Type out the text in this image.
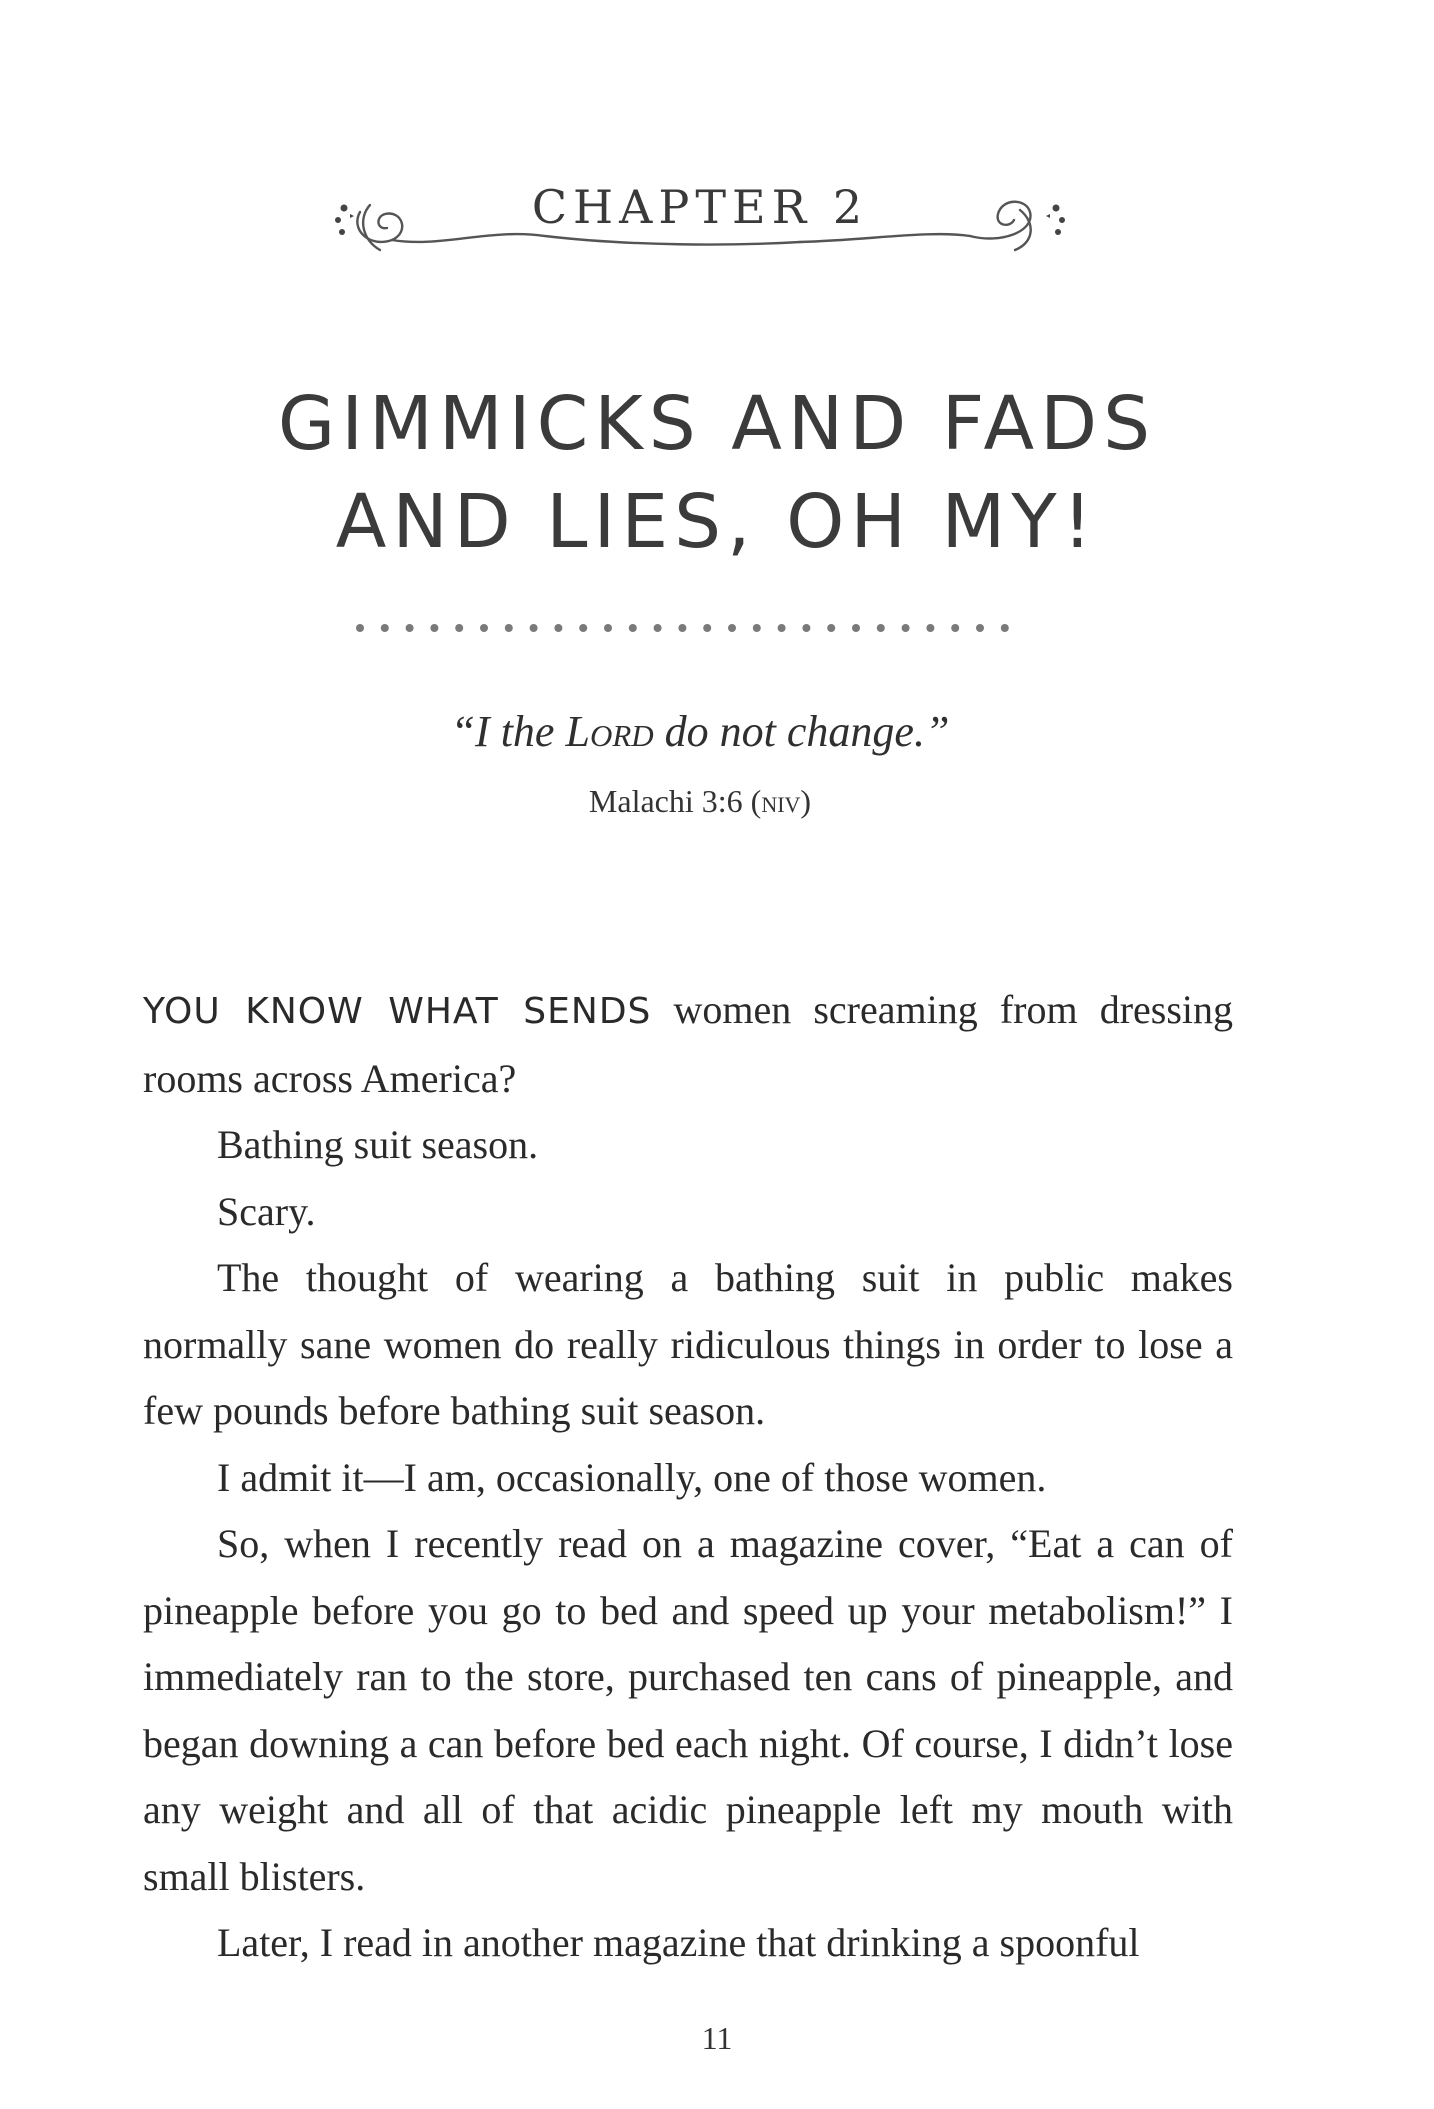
CHAPTER 2
GIMMICKS AND FADS
AND LIES, OH MY!
“I the Lord do not change.”
Malachi 3:6 (niv)

YOU KNOW WHAT SENDS women screaming from dressing rooms across America?

Bathing suit season.

Scary.

The thought of wearing a bathing suit in public makes normally sane women do really ridiculous things in order to lose a few pounds before bathing suit season.

I admit it—I am, occasionally, one of those women.

So, when I recently read on a magazine cover, “Eat a can of pineapple before you go to bed and speed up your metabolism!” I immediately ran to the store, purchased ten cans of pineapple, and began downing a can before bed each night. Of course, I didn’t lose any weight and all of that acidic pineapple left my mouth with small blisters.

Later, I read in another magazine that drinking a spoonful

11
